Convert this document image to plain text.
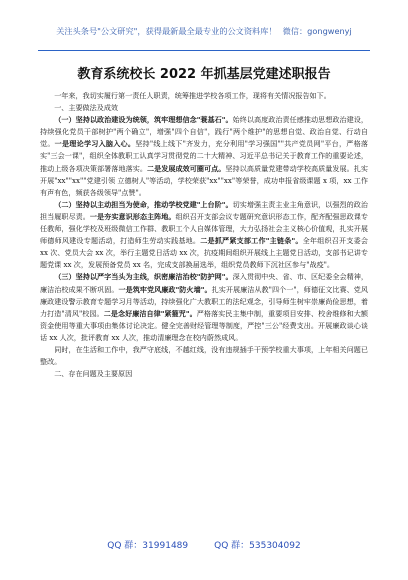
关注头条号"公文研究"，获得最新最全最专业的公文资料库！ 微信：gongwenyj
教育系统校长 2022 年抓基层党建述职报告

一年来，我切实履行第一责任人职责，统筹推进学校各项工作，现将有关情况报告如下。

一、主要做法及成效

（一）坚持以政治建设为统领，筑牢理想信念"蓑基石"。始终以高度政治责任感推动思想政治建设，持续强化党员干部树护"两个确立"，增强"四个自信"，践行"两个维护"的思想自觉、政治自觉、行动自觉。一是理论学习入脑入心。坚持"线上线下"齐发力，充分利用"学习强国""共产党员网"平台，严格落实"三会一课"，组织全体教职工认真学习贯彻党的二十大精神、习近平总书记关于教育工作的重要论述，推动上级各项决策部署落地落实。二是发展成效可圈可点。坚持以高质量党建带动学校高质量发展。扎实开展"xx""xx""党建引领 立德树人"等活动，学校荣获"xx""xx"等荣誉，成功申报省级课题 x 项，xx 工作有声有色，频获各级领导"点赞"。

（二）坚持以主动担当为使命，推动学校党建"上台阶"。切实增强主责主业主角意识，以强烈的政治担当履职尽责。一是夯实意识形态主阵地。组织召开支部会议专题研究意识形态工作，配齐配强思政课专任教师，强化学校及班级微信工作群、教职工个人自媒体管理，大力弘扬社会主义核心价值观，扎实开展师德师风建设专题活动，打造师生劳动实践基地。二是抓严紧支部工作"主链条"。全年组织召开支委会 xx 次、党员大会 xx 次，举行主题党日活动 xx 次，抗疫期间组织开展线上主题党日活动，支部书记讲专题党课 xx 次，发展预备党员 xx 名，完成支部换届选举，组织党员教师下沉社区参与"战疫"。

（三）坚持以严字当头为主线，织密廉洁治校"防护网"。深入贯彻中央、省、市、区纪委全会精神，廉洁治校成果不断巩固。一是筑牢党风廉政"防火墙"。扎实开展廉洁从教"四个一"，师德征文比赛、党风廉政建设警示教育专题学习月等活动，持续强化广大教职工的法纪观念，引导师生树牢崇廉尚俭思想，着力打造"清风"校园。二是念好廉洁自律"紧箍咒"。严格落实民主集中制，重要项目安排、校舍维修和大额资金使用等重大事项由集体讨论决定。健全完善财经管理等制度，严控"三公"经费支出。开展廉政谈心谈话 xx 人次，批评教育 xx 人次，推动清廉理念在校内蔚然成风。

同时，在生活和工作中，我严守底线，不越红线，没有违规插手干预学校重大事项，上年相关问题已整改。

二、存在问题及主要原因

QQ 群：31991489	QQ 群：535304092
